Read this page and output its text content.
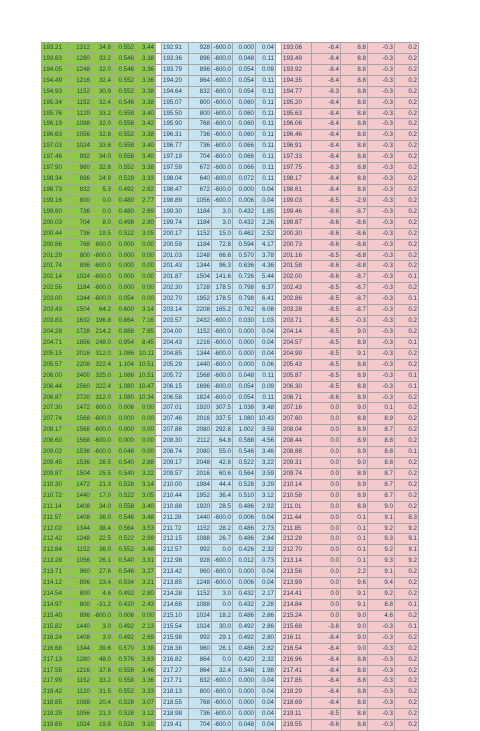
193.21	1312	34.8	0.552	3.44		192.91	928	-600.0	0.000	0.04		193.06	-8.4	8.8	-0.3	0.2
193.63	1280	33.2	0.546	3.38		193.36	896	-600.0	0.048	0.11		193.49	-8.4	8.8	-0.3	0.2
194.05	1248	32.0	0.546	3.36		193.79	896	-600.0	0.054	0.09		193.92	-8.4	8.8	-0.3	0.2
194.49	1216	32.4	0.552	3.36		194.20	864	-600.0	0.054	0.11		194.35	-8.4	8.8	-0.3	0.2
194.93	1152	30.9	0.552	3.38		194.64	832	-600.0	0.054	0.11		194.77	-8.3	8.8	-0.3	0.2
195.34	1152	32.4	0.546	3.38		195.07	800	-600.0	0.060	0.11		195.20	-8.4	8.8	-0.3	0.2
195.76	1120	33.2	0.558	3.40		195.50	800	-600.0	0.060	0.11		195.63	-8.4	8.8	-0.3	0.2
196.19	1088	32.0	0.558	3.42		195.90	768	-600.0	0.060	0.11		196.06	-8.4	8.8	-0.3	0.2
196.63	1056	32.8	0.552	3.38		196.31	736	-600.0	0.060	0.11		196.46	-8.4	8.8	-0.3	0.2
197.03	1024	33.6	0.558	3.40		196.77	736	-600.0	0.066	0.11		196.91	-8.4	8.8	-0.3	0.2
197.46	992	34.0	0.558	3.40		197.19	704	-600.0	0.066	0.11		197.33	-8.4	8.8	-0.3	0.2
197.90	960	32.8	0.552	3.38		197.59	672	-600.0	0.066	0.11		197.75	-8.3	8.8	-0.3	0.2
198.34	896	24.9	0.528	3.33		198.04	640	-600.0	0.072	0.11		198.17	-8.4	8.8	-0.3	0.2
198.73	832	5.3	0.492	2.82		198.47	672	-600.0	0.000	0.04		198.61	-8.4	8.8	-0.3	0.2
199.16	800	0.0	0.480	2.77		198.89	1056	-600.0	0.006	0.04		199.03	-8.5	-2.9	-0.3	0.2
199.60	736	0.0	0.480	2.69		199.30	1184	3.0	0.432	1.85		199.46	-8.6	-8.7	-0.3	0.2
200.03	704	8.0	0.498	2.80		199.74	1184	3.0	0.432	2.26		199.87	-8.6	-8.6	-0.3	0.2
200.44	736	19.5	0.522	3.05		200.17	1152	15.0	0.462	2.52		200.30	-8.6	-8.6	-0.3	0.2
200.86	768	600.0	0.000	0.00		200.59	1184	72.8	0.594	4.17		200.73	-8.6	-8.8	-0.3	0.2
201.29	800	-600.0	0.000	0.00		201.03	1248	66.6	0.570	3.78		201.16	-8.5	-8.8	-0.3	0.2
201.74	896	-600.0	0.000	0.00		201.43	1344	96.3	0.636	4.36		201.58	-8.6	-8.8	-0.3	0.2
202.14	1024	-600.0	0.000	0.00		201.87	1504	141.6	0.726	5.44		202.00	-8.6	-8.7	-0.3	0.1
202.56	1184	-600.0	0.000	0.00		202.30	1728	178.5	0.798	6.37		202.43	-8.5	-8.7	-0.3	0.2
203.00	1344	-600.0	0.054	0.00		202.70	1952	178.5	0.798	6.41		202.86	-8.5	-8.7	-0.3	0.1
203.43	1504	64.2	0.600	3.14		203.14	2208	165.2	0.762	6.08		203.28	-8.5	-8.7	-0.3	0.2
203.83	1632	196.8	0.864	7.16		203.57	2432	-600.0	0.030	1.03		203.71	-8.5	-0.3	-0.3	0.2
204.28	1728	214.2	0.888	7.85		204.00	1152	-600.0	0.000	0.04		204.14	-8.5	9.0	-0.3	0.2
204.71	1856	248.0	0.954	8.45		204.43	1216	-600.0	0.000	0.04		204.57	-8.5	8.9	-0.3	0.1
205.15	2016	312.0	1.086	10.11		204.85	1344	-600.0	0.000	0.04		204.99	-8.5	9.1	-0.3	0.2
205.57	2208	322.4	1.104	10.51		205.29	1440	-600.0	0.000	0.06		205.43	-8.5	8.8	-0.3	0.2
206.00	2400	325.0	1.086	10.51		205.72	1568	-600.0	0.048	0.11		205.87	-8.5	8.9	-0.3	0.1
206.44	2560	322.4	1.080	10.47		206.15	1696	-600.0	0.054	0.09		206.30	-8.5	8.8	-0.3	0.1
206.87	2720	312.0	1.080	10.34		206.58	1824	-600.0	0.054	0.11		206.71	-8.6	8.9	-0.3	0.2
207.30	1472	600.0	0.006	0.00		207.01	1920	307.5	1.038	9.48		207.16	0.0	9.0	0.1	0.2
207.74	1568	-600.0	0.000	0.00		207.46	2016	337.5	1.080	10.43		207.60	0.0	8.8	8.9	0.2
208.17	1568	-600.0	0.000	0.00		207.88	2080	292.8	1.002	9.59		208.04	0.0	8.9	8.7	0.2
208.60	1568	-600.0	0.000	0.00		208.30	2112	64.8	0.588	4.56		208.44	0.0	8.9	8.8	0.2
209.02	1536	-600.0	0.048	0.00		208.74	2080	55.0	0.546	3.46		208.88	0.0	8.9	8.8	0.1
209.45	1536	28.5	0.540	2.88		209.17	2048	42.8	0.522	3.22		209.31	0.0	9.0	8.8	0.2
209.87	1504	25.5	0.540	3.22		209.57	2016	60.6	0.564	3.59		209.74	0.0	8.9	8.7	0.2
210.30	1472	21.3	0.528	3.14		210.00	1984	44.4	0.528	3.29		210.14	0.0	8.9	8.7	0.2
210.72	1440	17.0	0.522	3.05		210.44	1952	36.4	0.510	3.12		210.58	0.0	8.9	8.7	0.2
211.14	1408	34.0	0.558	3.40		210.88	1920	28.5	0.486	2.92		211.01	0.0	8.9	9.0	0.2
211.57	1408	36.0	0.546	3.48		211.28	1440	-600.0	0.006	0.04		211.44	0.0	0.1	9.1	8.3
212.02	1344	38.4	0.564	3.53		211.72	1152	28.2	0.486	2.73		211.85	0.0	0.1	9.2	9.2
212.42	1248	22.5	0.522	2.99		212.15	1088	26.7	0.486	2.84		212.28	0.0	0.1	9.3	9.1
212.84	1152	36.0	0.552	3.48		212.57	992	0.0	0.426	2.32		212.70	0.0	0.1	9.2	9.1
213.28	1056	26.1	0.540	3.31		212.98	928	-600.0	0.012	0.73		213.14	0.0	0.1	9.3	9.2
213.71	960	27.6	0.546	3.27		213.42	960	-600.0	0.000	0.04		213.56	0.0	2.2	9.1	0.2
214.12	896	23.4	0.534	3.21		213.85	1248	-600.0	0.006	0.04		213.99	0.0	9.6	9.4	0.2
214.54	800	4.6	0.492	2.80		214.28	1152	3.0	0.432	2.17		214.41	0.0	9.1	9.2	0.2
214.97	800	-31.2	0.420	2.43		214.68	1088	0.0	0.432	2.28		214.84	0.0	9.1	8.8	0.1
215.40	896	-600.0	0.006	0.00		215.10	1024	18.2	0.486	2.86		215.24	0.0	9.0	4.6	0.2
215.82	1440	3.0	0.492	2.13		215.54	1024	30.0	0.492	2.86		215.68	-3.6	9.0	-0.3	0.1
216.24	1408	3.0	0.492	2.69		215.98	992	29.1	0.492	2.80		216.11	-8.4	9.0	-0.3	0.2
216.68	1344	39.6	0.570	3.38		216.38	960	26.1	0.486	2.82		216.54	-8.4	9.0	-0.3	0.2
217.13	1280	48.0	0.576	3.63		216.82	864	0.0	0.420	2.32		216.96	-8.4	8.8	-0.3	0.2
217.55	1216	37.6	0.558	3.46		217.27	864	32.4	0.348	1.98		217.41	-8.4	8.8	-0.3	0.2
217.99	1152	33.2	0.558	3.36		217.71	832	-600.0	0.000	0.04		217.85	-8.4	8.8	-0.3	0.2
218.42	1120	31.5	0.552	3.33		218.13	800	-600.0	0.000	0.04		218.29	-8.4	8.8	-0.3	0.2
218.85	1088	20.4	0.528	3.07		218.55	768	-600.0	0.000	0.04		218.69	-8.4	8.8	-0.3	0.2
219.25	1056	21.3	0.528	3.12		218.98	736	-600.0	0.000	0.04		219.11	-8.5	8.8	-0.3	0.2
219.69	1024	19.8	0.528	3.10		219.41	704	-600.0	0.048	0.04		219.55	-8.6	8.8	-0.3	0.2
